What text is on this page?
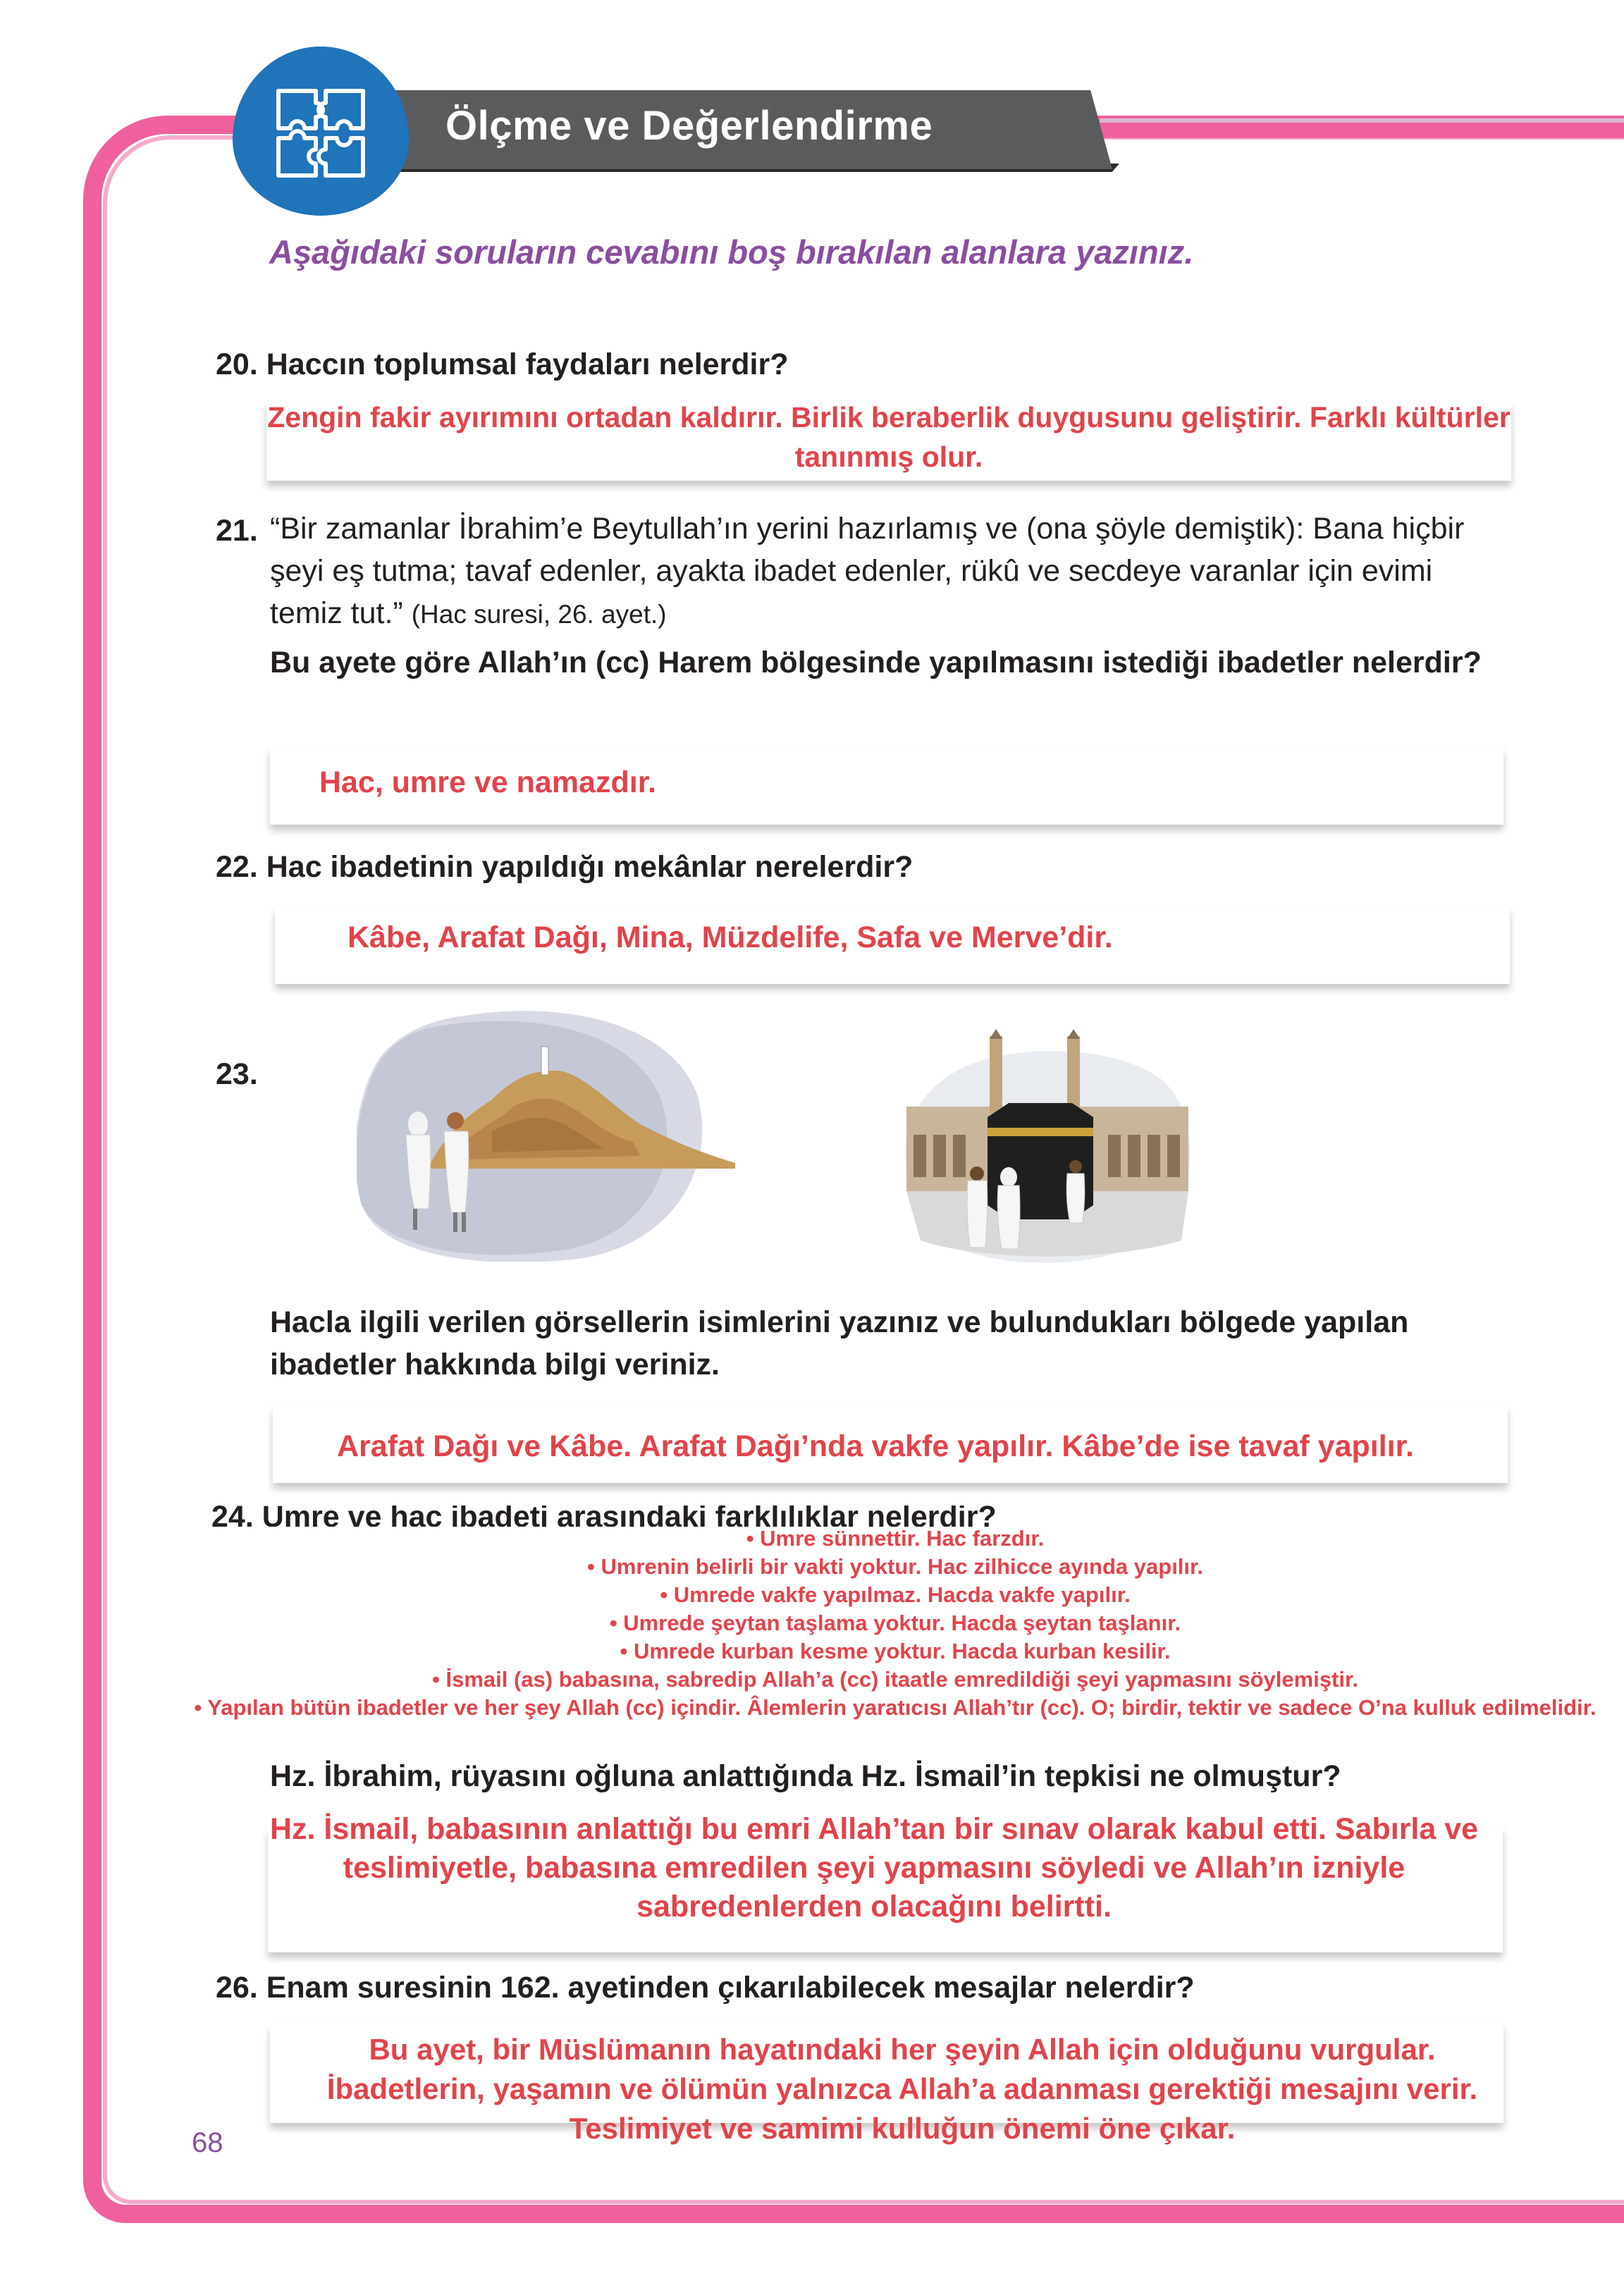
Ölçme ve Değerlendirme
Aşağıdaki soruların cevabını boş bırakılan alanlara yazınız.
20. Haccın toplumsal faydaları nelerdir?
Zengin fakir ayırımını ortadan kaldırır. Birlik beraberlik duygusunu geliştirir. Farklı kültürler tanınmış olur.
21. “Bir zamanlar İbrahim’e Beytullah’ın yerini hazırlamış ve (ona şöyle demiştik): Bana hiçbir şeyi eş tutma; tavaf edenler, ayakta ibadet edenler, rükû ve secdeye varanlar için evimi temiz tut.” (Hac suresi, 26. ayet.)
Bu ayete göre Allah’ın (cc) Harem bölgesinde yapılmasını istediği ibadetler nelerdir?
Hac, umre ve namazdır.
22. Hac ibadetinin yapıldığı mekânlar nerelerdir?
Kâbe, Arafat Dağı, Mina, Müzdelife, Safa ve Merve’dir.
23.
Hacla ilgili verilen görsellerin isimlerini yazınız ve bulundukları bölgede yapılan ibadetler hakkında bilgi veriniz.
Arafat Dağı ve Kâbe. Arafat Dağı’nda vakfe yapılır. Kâbe’de ise tavaf yapılır.
24. Umre ve hac ibadeti arasındaki farklılıklar nelerdir?
• Umre sünnettir. Hac farzdır.
• Umrenin belirli bir vakti yoktur. Hac zilhicce ayında yapılır.
• Umrede vakfe yapılmaz. Hacda vakfe yapılır.
• Umrede şeytan taşlama yoktur. Hacda şeytan taşlanır.
• Umrede kurban kesme yoktur. Hacda kurban kesilir.
• İsmail (as) babasına, sabredip Allah’a (cc) itaatle emredildiği şeyi yapmasını söylemiştir.
• Yapılan bütün ibadetler ve her şey Allah (cc) içindir. Âlemlerin yaratıcısı Allah’tır (cc). O; birdir, tektir ve sadece O’na kulluk edilmelidir.
Hz. İbrahim, rüyasını oğluna anlattığında Hz. İsmail’in tepkisi ne olmuştur?
Hz. İsmail, babasının anlattığı bu emri Allah’tan bir sınav olarak kabul etti. Sabırla ve teslimiyetle, babasına emredilen şeyi yapmasını söyledi ve Allah’ın izniyle sabredenlerden olacağını belirtti.
26. Enam suresinin 162. ayetinden çıkarılabilecek mesajlar nelerdir?
Bu ayet, bir Müslümanın hayatındaki her şeyin Allah için olduğunu vurgular. İbadetlerin, yaşamın ve ölümün yalnızca Allah’a adanması gerektiği mesajını verir. Teslimiyet ve samimi kulluğun önemi öne çıkar.
68
